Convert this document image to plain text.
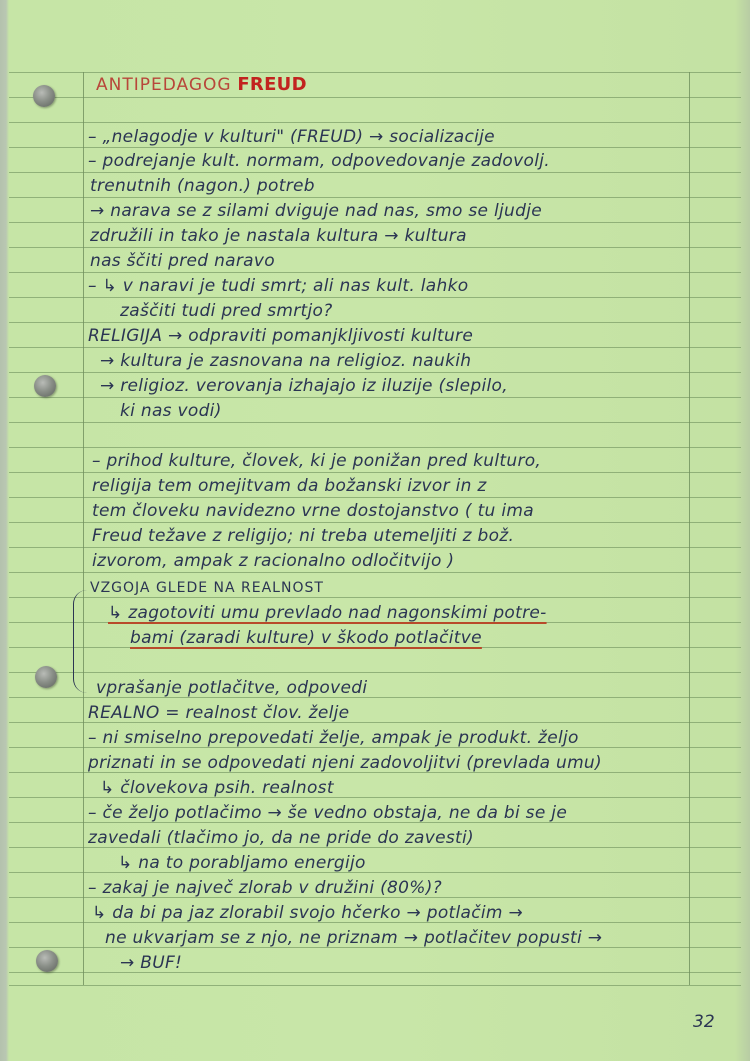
ANTIPEDAGOG FREUD
– „nelagodje v kulturi" (FREUD) → socializacije
– podrejanje kult. normam, odpovedovanje zadovolj.
trenutnih (nagon.) potreb
→ narava se z silami dviguje nad nas, smo se ljudje
združili in tako je nastala kultura → kultura
nas ščiti pred naravo
– ↳ v naravi je tudi smrt; ali nas kult. lahko
zaščiti tudi pred smrtjo?
RELIGIJA → odpraviti pomanjkljivosti kulture
→ kultura je zasnovana na religioz. naukih
→ religioz. verovanja izhajajo iz iluzije (slepilo,
ki nas vodi)
– prihod kulture, človek, ki je ponižan pred kulturo,
religija tem omejitvam da božanski izvor in z
tem človeku navidezno vrne dostojanstvo ( tu ima
Freud težave z religijo; ni treba utemeljiti z bož.
izvorom, ampak z racionalno odločitvijo )
VZGOJA GLEDE NA REALNOST
↳ zagotoviti umu prevlado nad nagonskimi potre-
bami (zaradi kulture) v škodo potlačitve
vprašanje potlačitve, odpovedi
REALNO = realnost člov. želje
– ni smiselno prepovedati želje, ampak je produkt. željo
priznati in se odpovedati njeni zadovoljitvi (prevlada umu)
↳ človekova psih. realnost
– če željo potlačimo → še vedno obstaja, ne da bi se je
zavedali (tlačimo jo, da ne pride do zavesti)
↳ na to porabljamo energijo
– zakaj je največ zlorab v družini (80%)?
↳ da bi pa jaz zlorabil svojo hčerko → potlačim →
ne ukvarjam se z njo, ne priznam → potlačitev popusti →
→ BUF!
32
